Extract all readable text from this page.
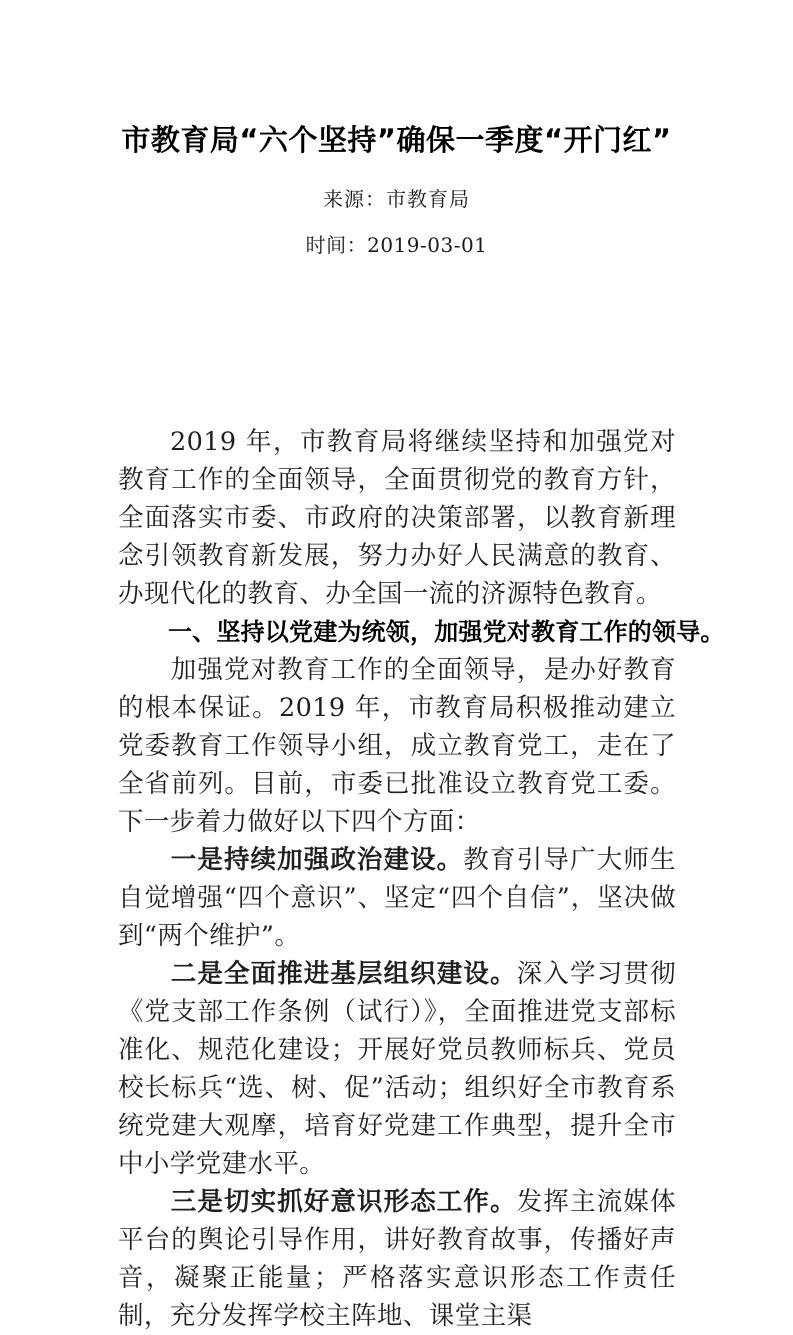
市教育局“六个坚持”确保一季度“开门红”

来源：市教育局

时间：2019-03-01

2019 年，市教育局将继续坚持和加强党对教育工作的全面领导，全面贯彻党的教育方针，全面落实市委、市政府的决策部署，以教育新理念引领教育新发展，努力办好人民满意的教育、办现代化的教育、办全国一流的济源特色教育。

一、坚持以党建为统领，加强党对教育工作的领导。

加强党对教育工作的全面领导，是办好教育的根本保证。2019 年，市教育局积极推动建立党委教育工作领导小组，成立教育党工，走在了全省前列。目前，市委已批准设立教育党工委。下一步着力做好以下四个方面：

一是持续加强政治建设。教育引导广大师生自觉增强“四个意识”、坚定“四个自信”，坚决做到“两个维护”。

二是全面推进基层组织建设。深入学习贯彻《党支部工作条例（试行）》，全面推进党支部标准化、规范化建设；开展好党员教师标兵、党员校长标兵“选、树、促”活动；组织好全市教育系统党建大观摩，培育好党建工作典型，提升全市中小学党建水平。

三是切实抓好意识形态工作。发挥主流媒体平台的舆论引导作用，讲好教育故事，传播好声音，凝聚正能量；严格落实意识形态工作责任制，充分发挥学校主阵地、课堂主渠
